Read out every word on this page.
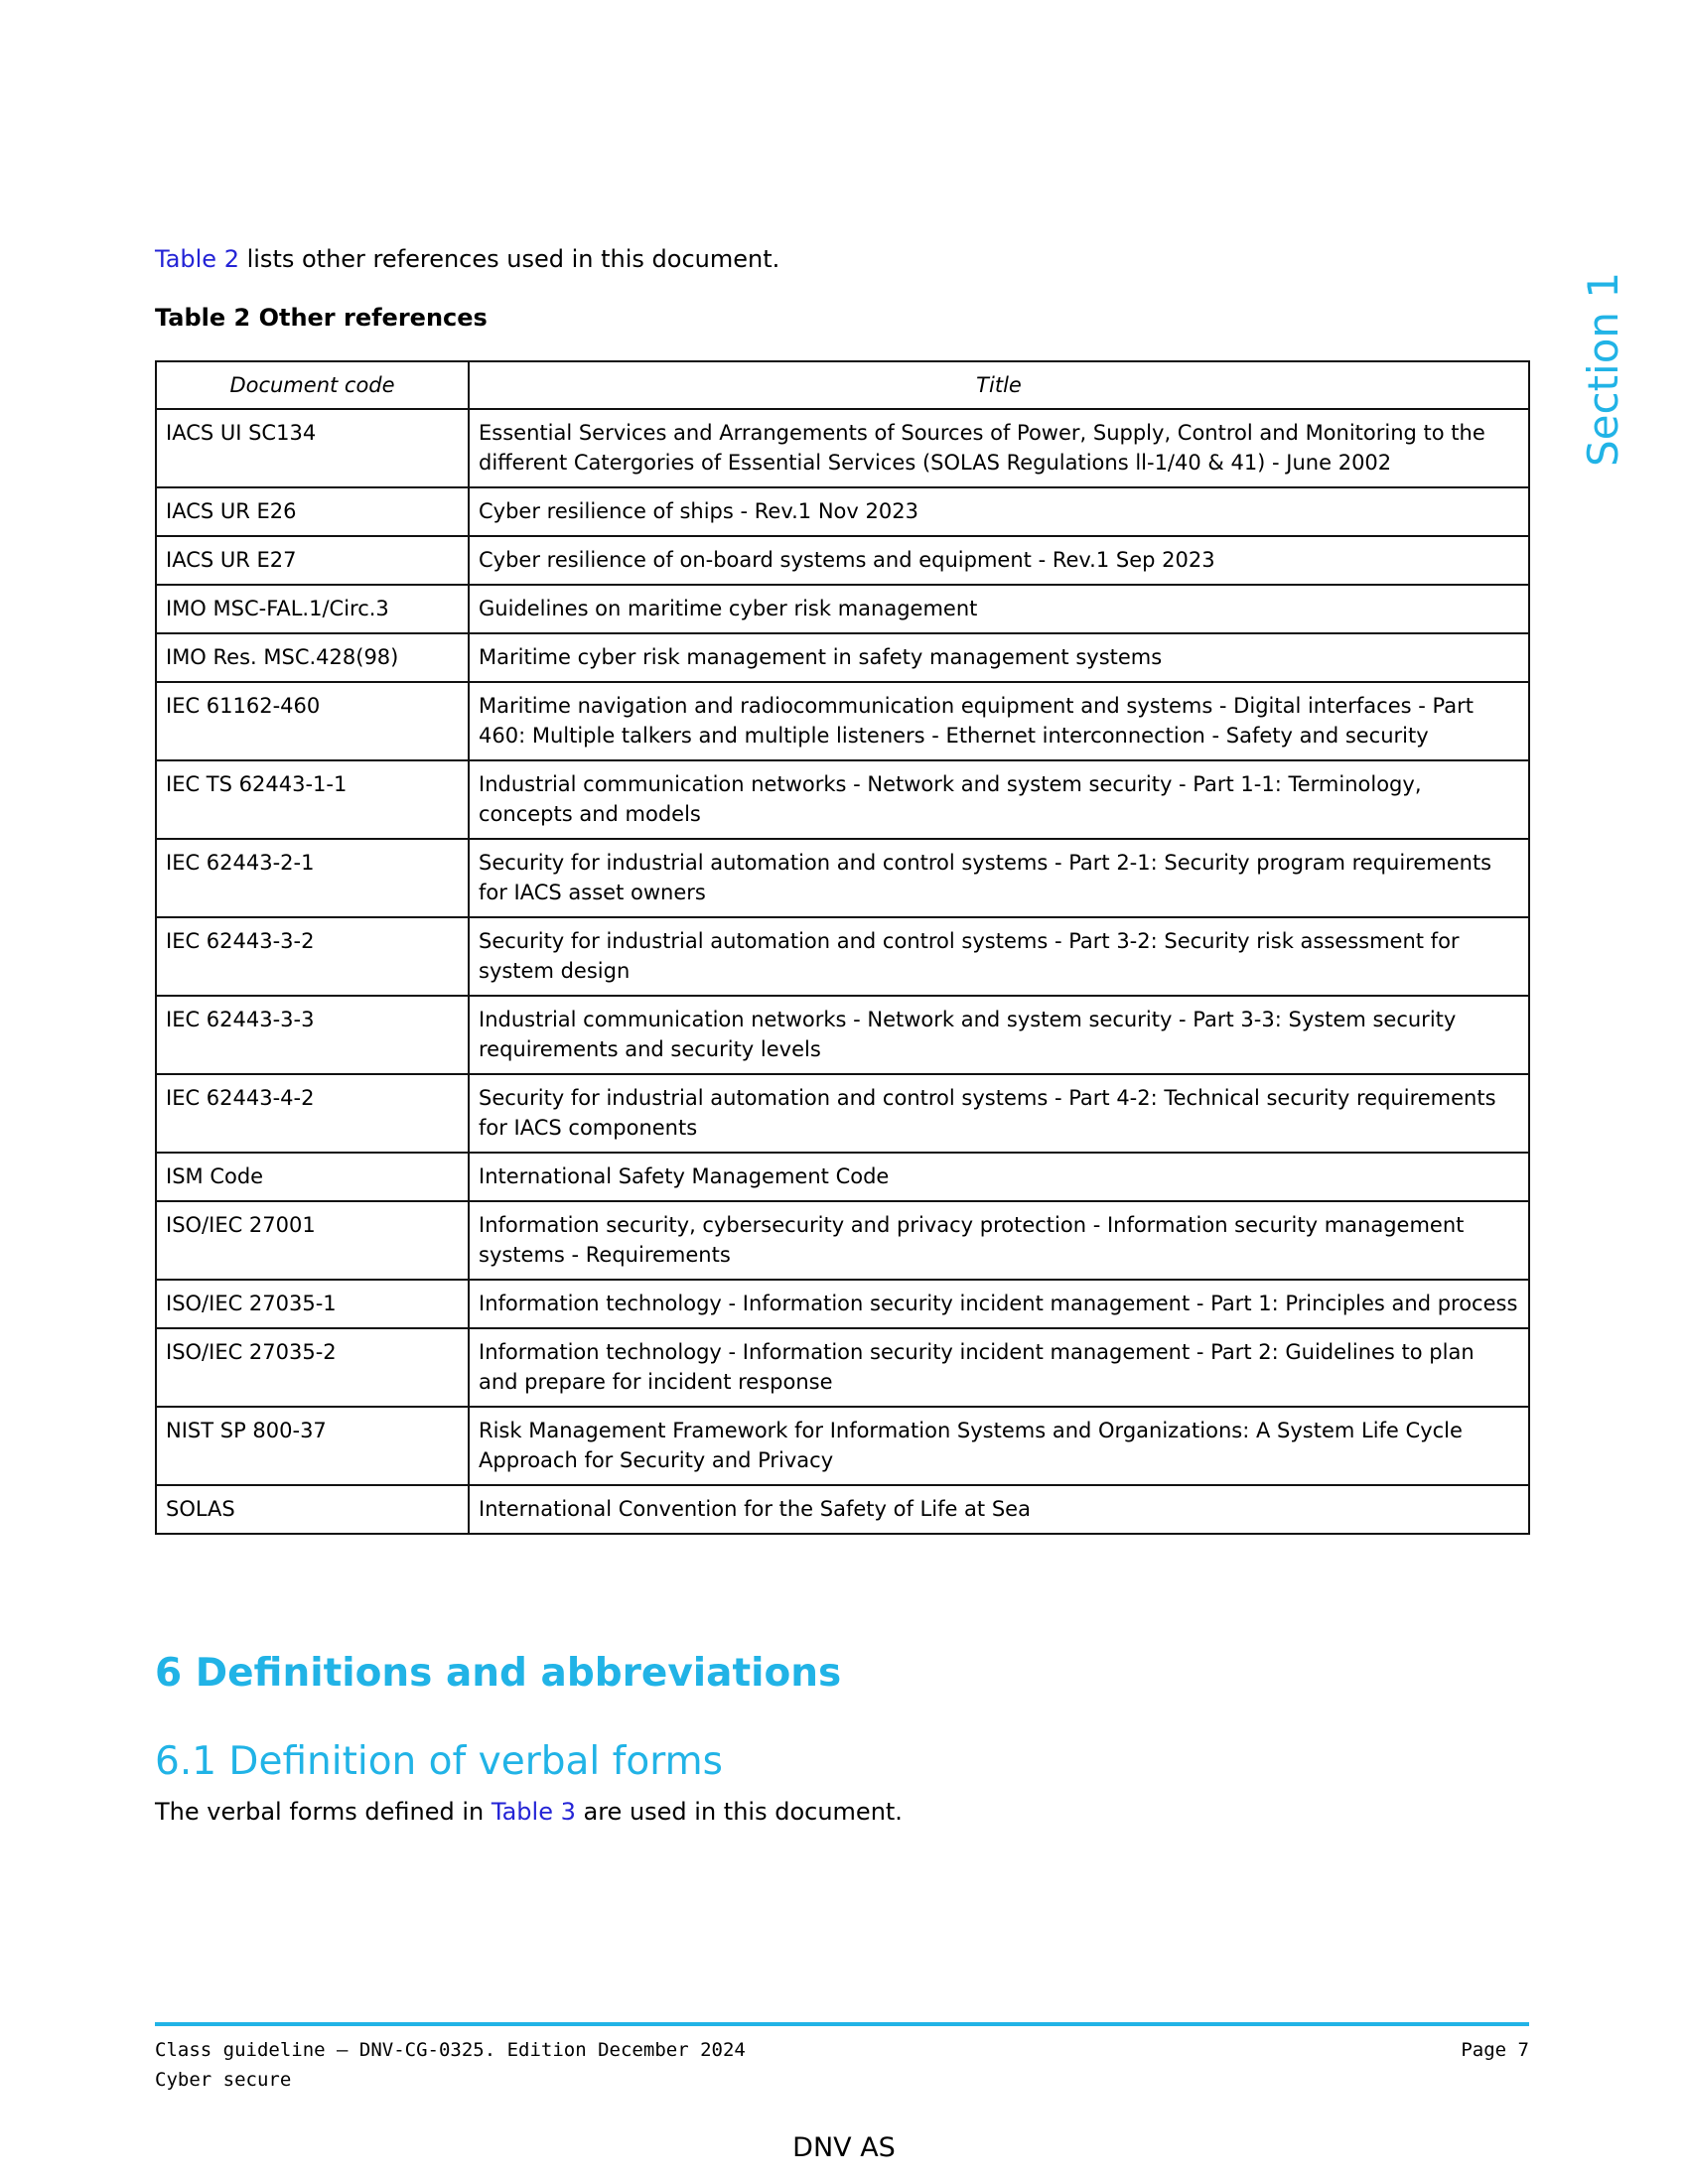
Table 2 lists other references used in this document.
Table 2 Other references	Section 1
Document code	Title
IACS UI SC134	Essential Services and Arrangements of Sources of Power, Supply, Control and Monitoring to the different Catergories of Essential Services (SOLAS Regulations ll-1/40 & 41) - June 2002
IACS UR E26	Cyber resilience of ships - Rev.1 Nov 2023
IACS UR E27	Cyber resilience of on-board systems and equipment - Rev.1 Sep 2023
IMO MSC-FAL.1/Circ.3	Guidelines on maritime cyber risk management
IMO Res. MSC.428(98)	Maritime cyber risk management in safety management systems
IEC 61162-460	Maritime navigation and radiocommunication equipment and systems - Digital interfaces - Part 460: Multiple talkers and multiple listeners - Ethernet interconnection - Safety and security
IEC TS 62443-1-1	Industrial communication networks - Network and system security - Part 1-1: Terminology, concepts and models
IEC 62443-2-1	Security for industrial automation and control systems - Part 2-1: Security program requirements for IACS asset owners
IEC 62443-3-2	Security for industrial automation and control systems - Part 3-2: Security risk assessment for system design
IEC 62443-3-3	Industrial communication networks - Network and system security - Part 3-3: System security requirements and security levels
IEC 62443-4-2	Security for industrial automation and control systems - Part 4-2: Technical security requirements for IACS components
ISM Code	International Safety Management Code
ISO/IEC 27001	Information security, cybersecurity and privacy protection - Information security management systems - Requirements
ISO/IEC 27035-1	Information technology - Information security incident management - Part 1: Principles and process
ISO/IEC 27035-2	Information technology - Information security incident management - Part 2: Guidelines to plan and prepare for incident response
NIST SP 800-37	Risk Management Framework for Information Systems and Organizations: A System Life Cycle Approach for Security and Privacy
SOLAS	International Convention for the Safety of Life at Sea
6 Definitions and abbreviations
6.1 Definition of verbal forms
The verbal forms defined in Table 3 are used in this document.
Class guideline — DNV-CG-0325. Edition December 2024
Cyber secure
Page 7
DNV AS
